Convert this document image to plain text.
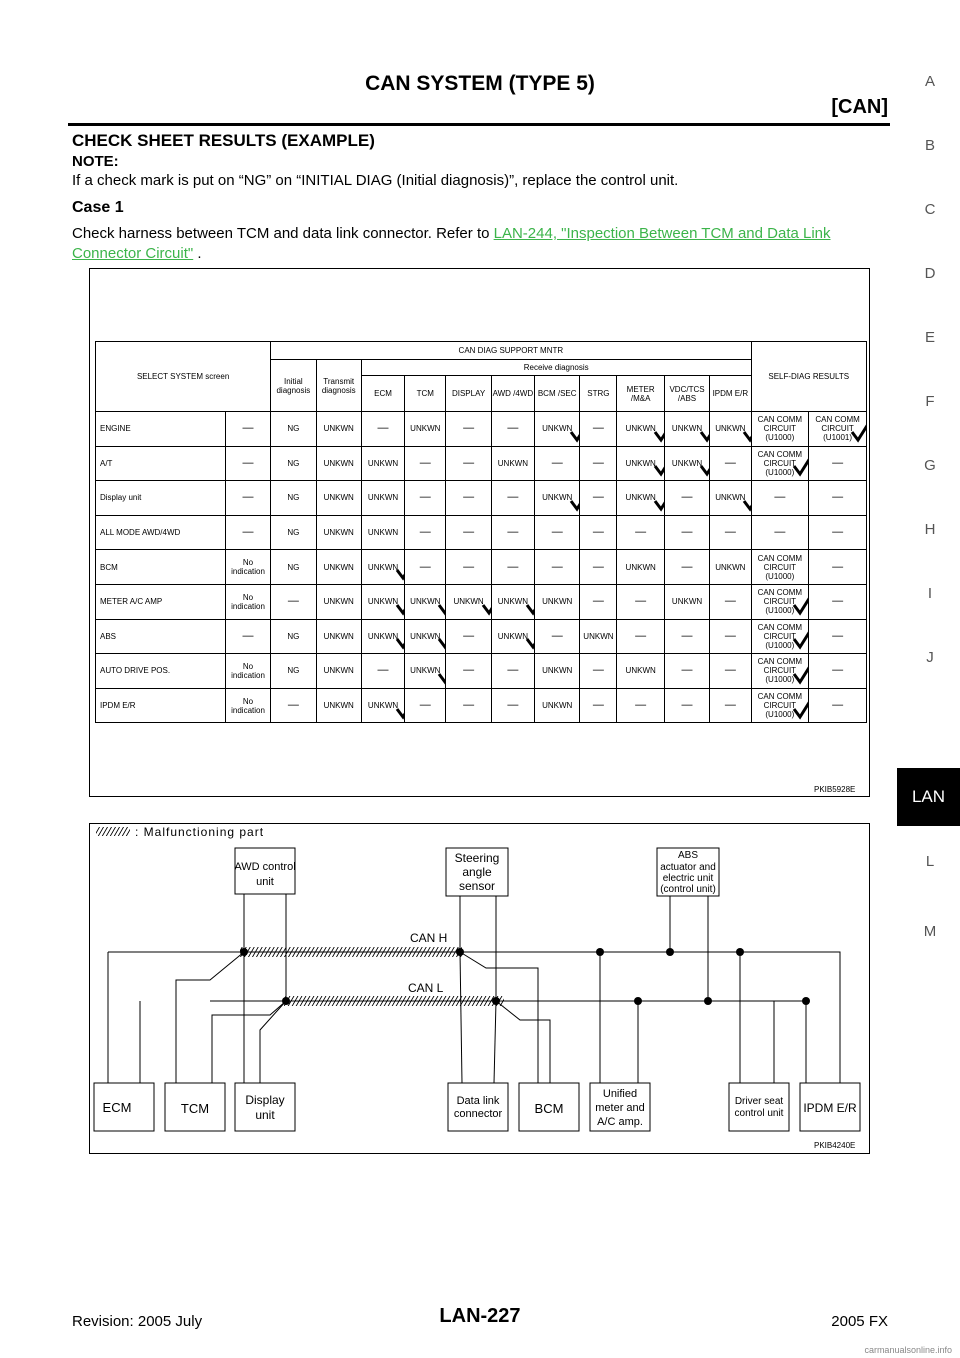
CAN SYSTEM (TYPE 5)
[CAN]
A
B
C
D
E
F
G
H
I
J
LAN
L
M
CHECK SHEET RESULTS (EXAMPLE)
NOTE:
If a check mark is put on “NG” on “INITIAL DIAG (Initial diagnosis)”, replace the control unit.
Case 1
Check harness between TCM and data link connector. Refer to LAN-244, "Inspection Between TCM and Data Link Connector Circuit" .
SELECT SYSTEM screen		CAN DIAG SUPPORT MNTR											SELF-DIAG RESULTS	
		Initial diagnosis	Transmit diagnosis	Receive diagnosis										
				ECM	TCM	DISPLAY	AWD /4WD	BCM /SEC	STRG	METER /M&A	VDC/TCS /ABS	IPDM E/R		
ENGINE	—	NG	UNKWN	—	UNKWN	—	—	UNKWN	—	UNKWN	UNKWN	UNKWN	CAN COMM CIRCUIT (U1000)	CAN COMM CIRCUIT (U1001)

A/T	—	NG	UNKWN	UNKWN	—	—	UNKWN	—	—	UNKWN	UNKWN	—	CAN COMM CIRCUIT (U1000)	—
Display unit	—	NG	UNKWN	UNKWN	—	—	—	UNKWN	—	UNKWN	—	UNKWN	—	—
ALL MODE AWD/4WD	—	NG	UNKWN	UNKWN	—	—	—	—	—	—	—	—	—	—
BCM	No indication	NG	UNKWN	UNKWN	—	—	—	—	—	UNKWN	—	UNKWN	CAN COMM CIRCUIT (U1000)	—
METER A/C AMP	No indication	—	UNKWN	UNKWN	UNKWN	UNKWN	UNKWN	UNKWN	—	—	UNKWN	—	CAN COMM CIRCUIT (U1000)	—
ABS	—	NG	UNKWN	UNKWN	UNKWN	—	UNKWN	—	UNKWN	—	—	—	CAN COMM CIRCUIT (U1000)	—
AUTO DRIVE POS.	No indication	NG	UNKWN	—	UNKWN	—	—	UNKWN	—	UNKWN	—	—	CAN COMM CIRCUIT (U1000)	—
IPDM E/R	No indication	—	UNKWN	UNKWN	—	—	—	UNKWN	—	—	—	—	CAN COMM CIRCUIT (U1000)	—
PKIB5928E
: Malfunctioning part
CAN H
CAN L
AWD control
unit
Steering
angle
sensor
ABS
actuator and
electric unit
(control unit)
ECM	TCM
Display
unit
Data link
connector BCM
Unified
meter and
A/C amp.
Driver seat
control unit IPDM E/R
PKIB4240E
Revision: 2005 July	LAN-227	2005 FX
carmanualsonline.info
